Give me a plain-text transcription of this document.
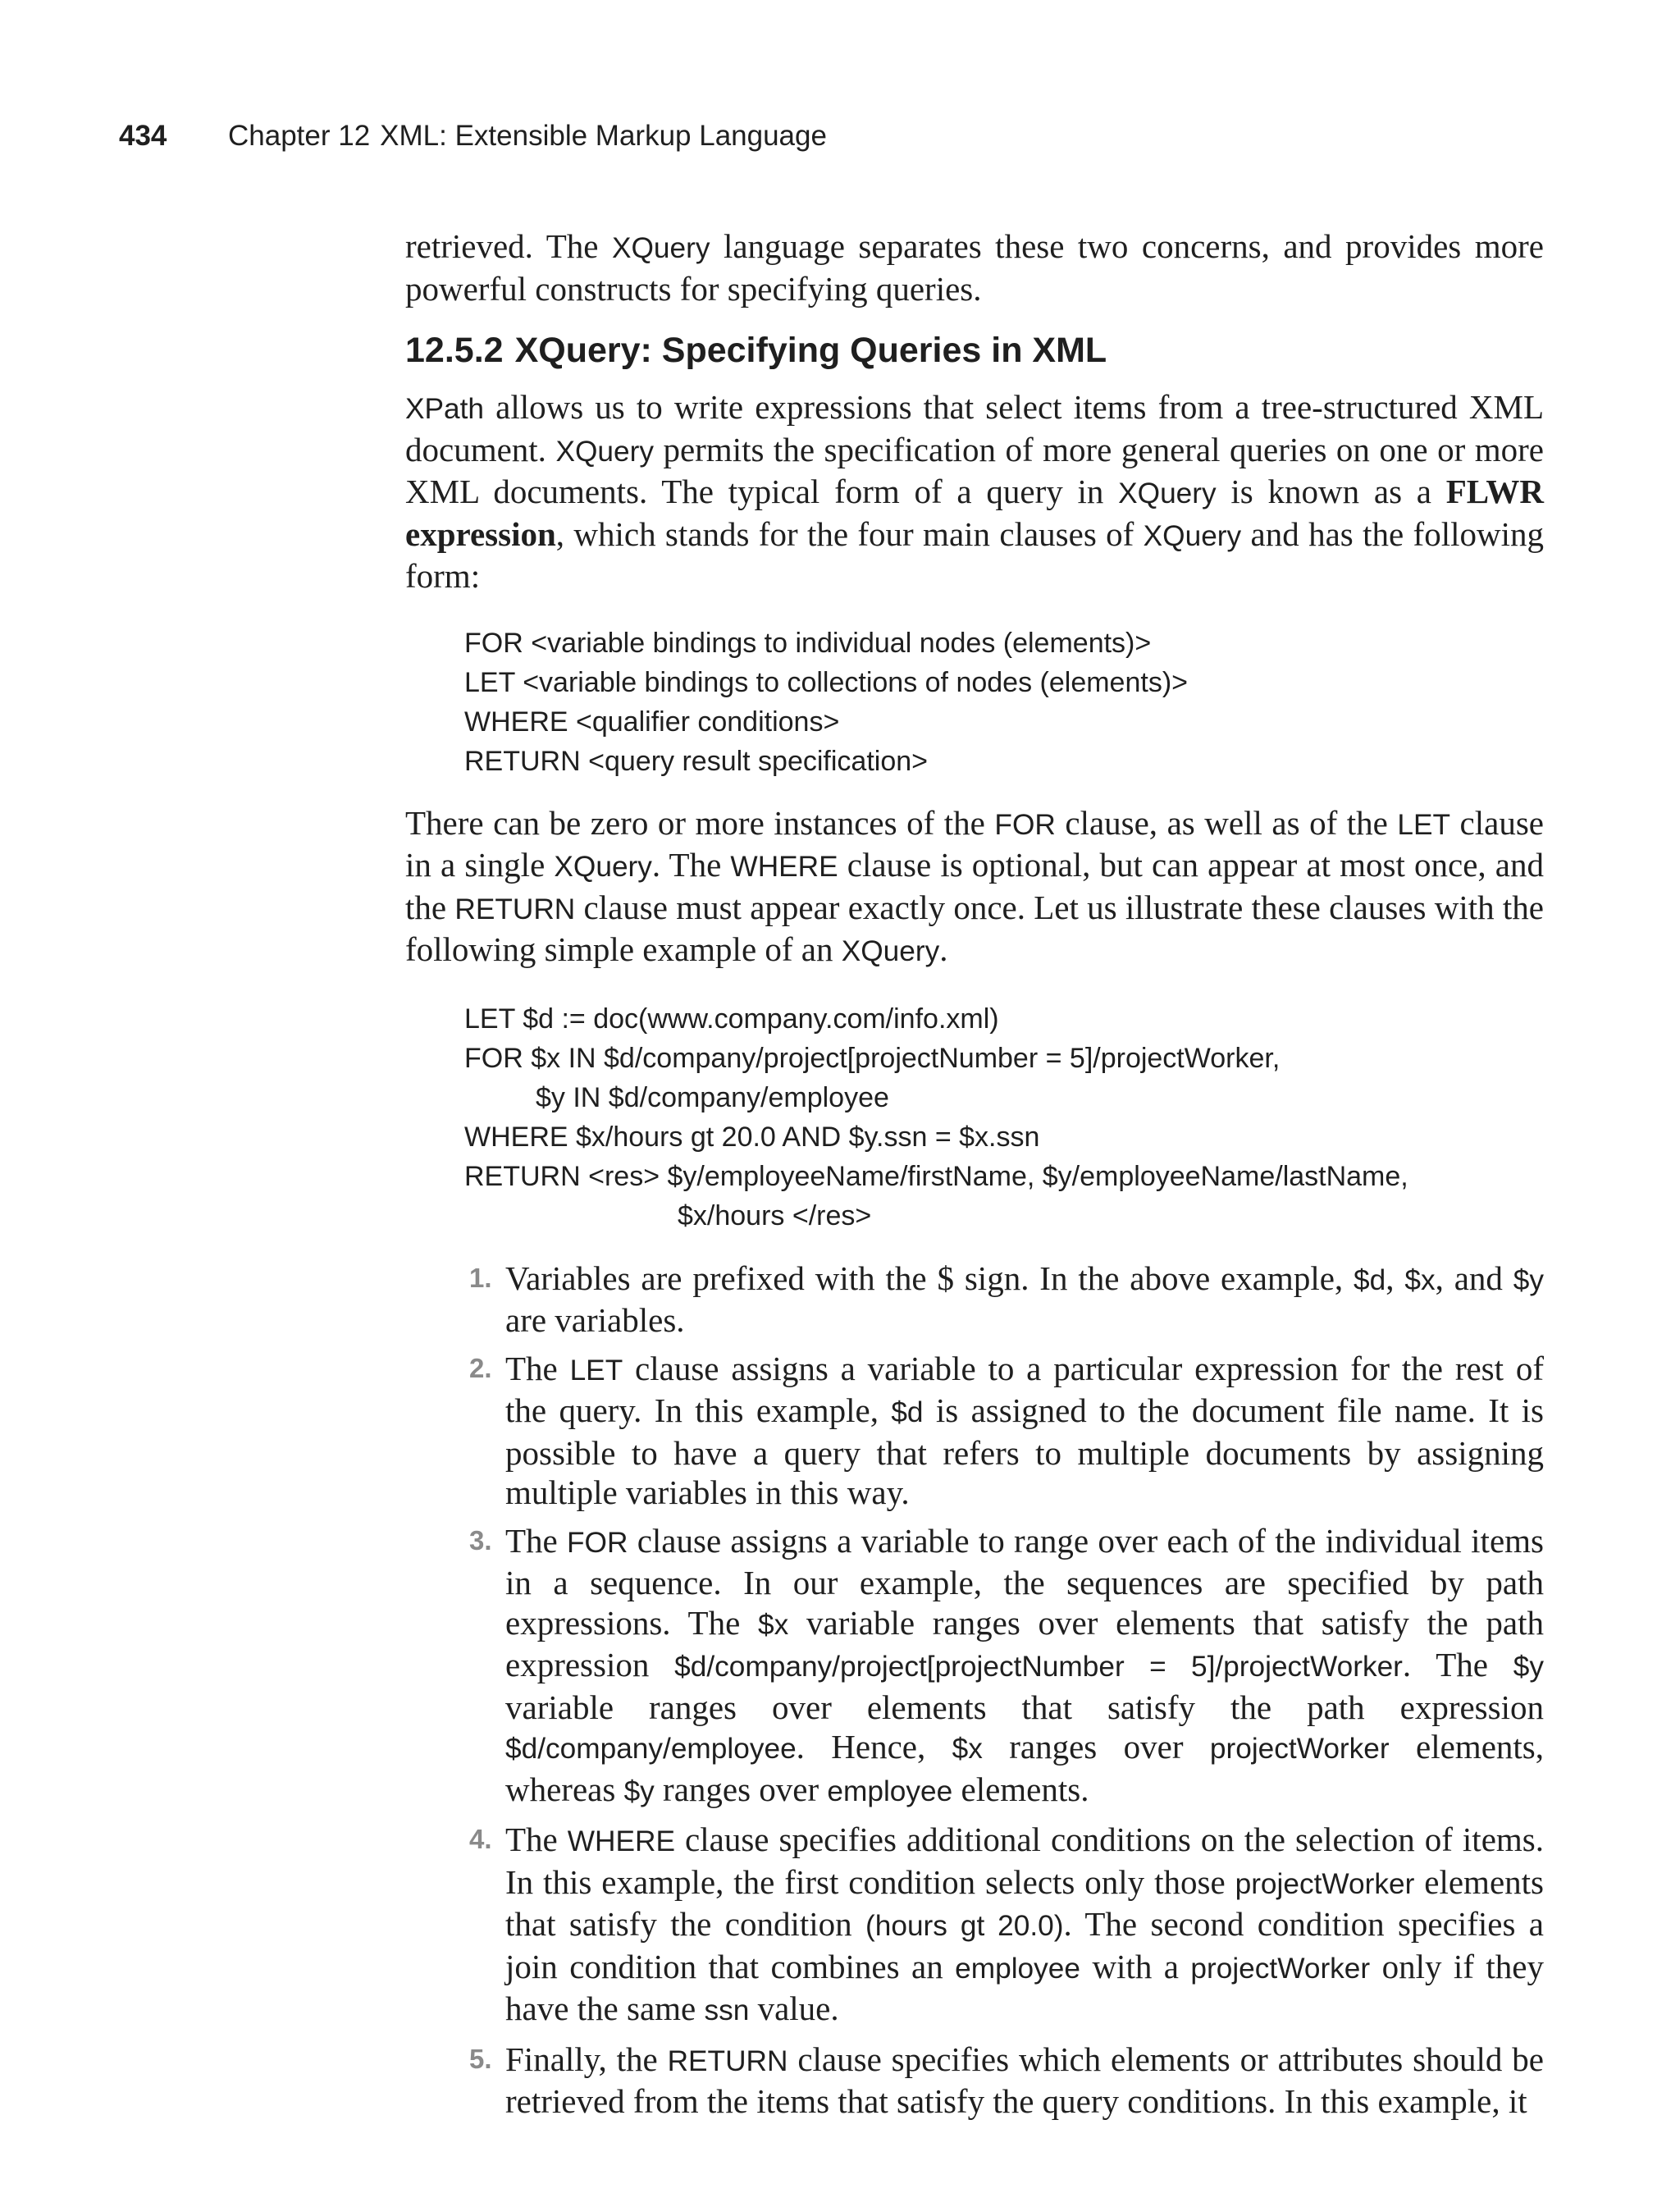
434 Chapter 12 XML: Extensible Markup Language

retrieved. The XQuery language separates these two concerns, and provides more powerful constructs for specifying queries.

12.5.2 XQuery: Specifying Queries in XML

XPath allows us to write expressions that select items from a tree-structured XML document. XQuery permits the specification of more general queries on one or more XML documents. The typical form of a query in XQuery is known as a FLWR expression, which stands for the four main clauses of XQuery and has the following form:

FOR <variable bindings to individual nodes (elements)>
LET <variable bindings to collections of nodes (elements)>
WHERE <qualifier conditions>
RETURN <query result specification>

There can be zero or more instances of the FOR clause, as well as of the LET clause in a single XQuery. The WHERE clause is optional, but can appear at most once, and the RETURN clause must appear exactly once. Let us illustrate these clauses with the following simple example of an XQuery.

LET $d := doc(www.company.com/info.xml)
FOR $x IN $d/company/project[projectNumber = 5]/projectWorker,
$y IN $d/company/employee
WHERE $x/hours gt 20.0 AND $y.ssn = $x.ssn
RETURN <res> $y/employeeName/firstName, $y/employeeName/lastName,
$x/hours </res>
1. Variables are prefixed with the $ sign. In the above example, $d, $x, and $y are variables.
2. The LET clause assigns a variable to a particular expression for the rest of the query. In this example, $d is assigned to the document file name. It is possible to have a query that refers to multiple documents by assigning multiple variables in this way.
3. The FOR clause assigns a variable to range over each of the individual items in a sequence. In our example, the sequences are specified by path expressions. The $x variable ranges over elements that satisfy the path expression $d/company/project[projectNumber = 5]/projectWorker. The $y variable ranges over elements that satisfy the path expression $d/company/employee. Hence, $x ranges over projectWorker elements, whereas $y ranges over employee elements.
4. The WHERE clause specifies additional conditions on the selection of items. In this example, the first condition selects only those projectWorker elements that satisfy the condition (hours gt 20.0). The second condition specifies a join condition that combines an employee with a projectWorker only if they have the same ssn value.
5. Finally, the RETURN clause specifies which elements or attributes should be retrieved from the items that satisfy the query conditions. In this example, it
